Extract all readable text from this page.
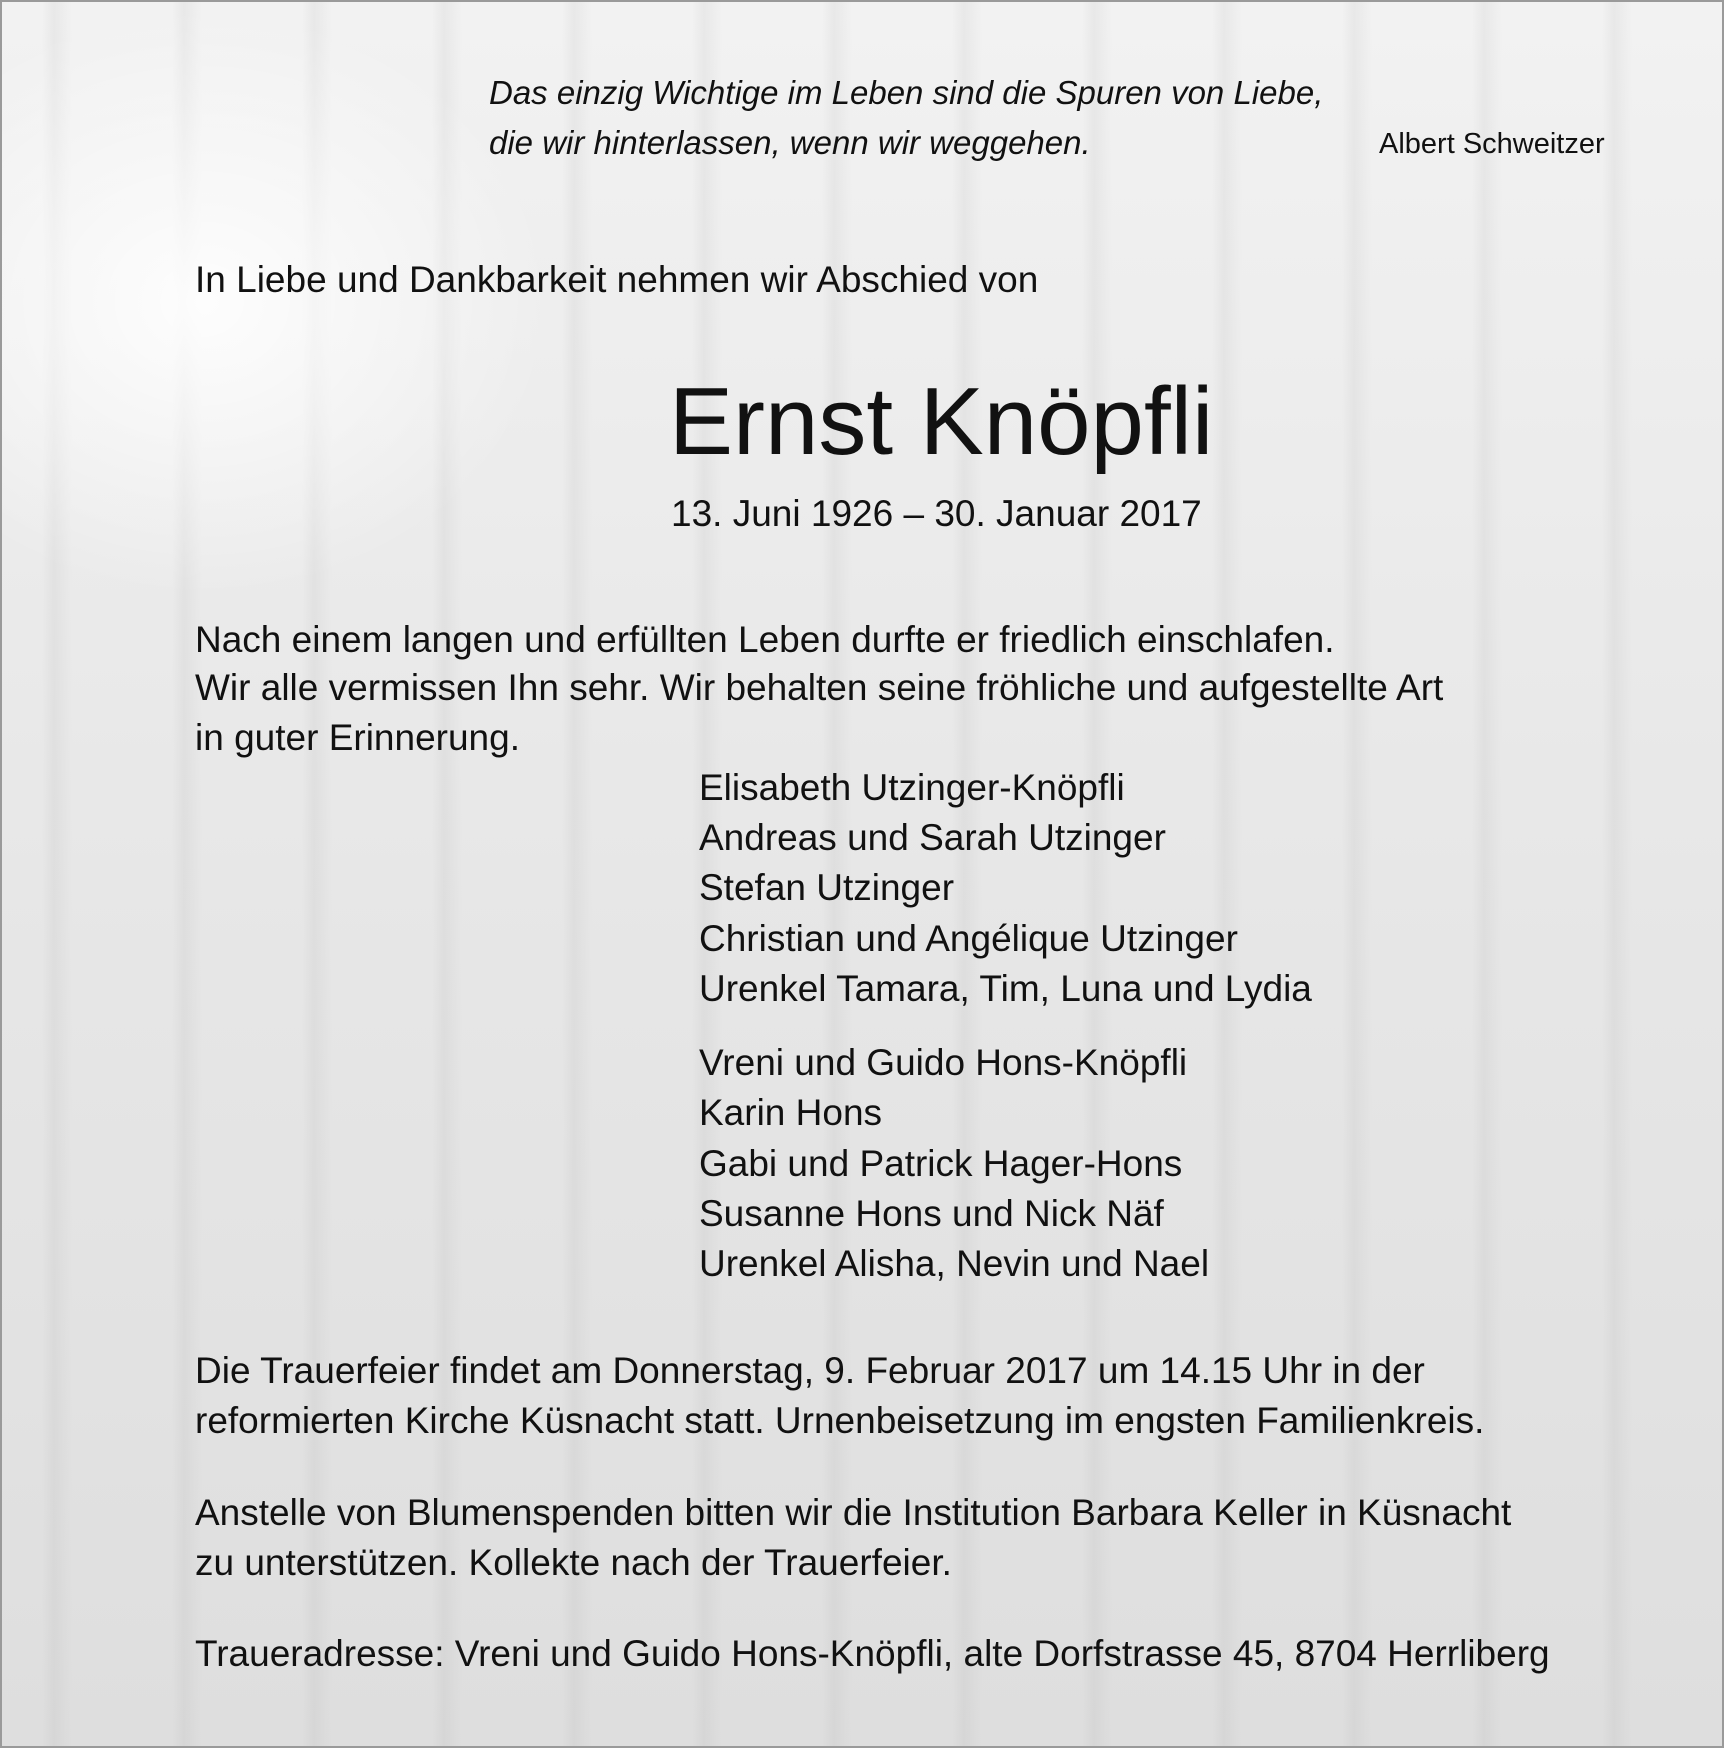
Das einzig Wichtige im Leben sind die Spuren von Liebe,
die wir hinterlassen, wenn wir weggehen.	Albert Schweitzer
In Liebe und Dankbarkeit nehmen wir Abschied von
Ernst Knöpfli
13. Juni 1926 – 30. Januar 2017
Nach einem langen und erfüllten Leben durfte er friedlich einschlafen.
Wir alle vermissen Ihn sehr. Wir behalten seine fröhliche und aufgestellte Art
in guter Erinnerung.
Elisabeth Utzinger-Knöpfli
Andreas und Sarah Utzinger
Stefan Utzinger
Christian und Angélique Utzinger
Urenkel Tamara, Tim, Luna und Lydia
Vreni und Guido Hons-Knöpfli
Karin Hons
Gabi und Patrick Hager-Hons
Susanne Hons und Nick Näf
Urenkel Alisha, Nevin und Nael
Die Trauerfeier findet am Donnerstag, 9. Februar 2017 um 14.15 Uhr in der
reformierten Kirche Küsnacht statt. Urnenbeisetzung im engsten Familienkreis.
Anstelle von Blumenspenden bitten wir die Institution Barbara Keller in Küsnacht
zu unterstützen. Kollekte nach der Trauerfeier.
Traueradresse: Vreni und Guido Hons-Knöpfli, alte Dorfstrasse 45, 8704 Herrliberg
